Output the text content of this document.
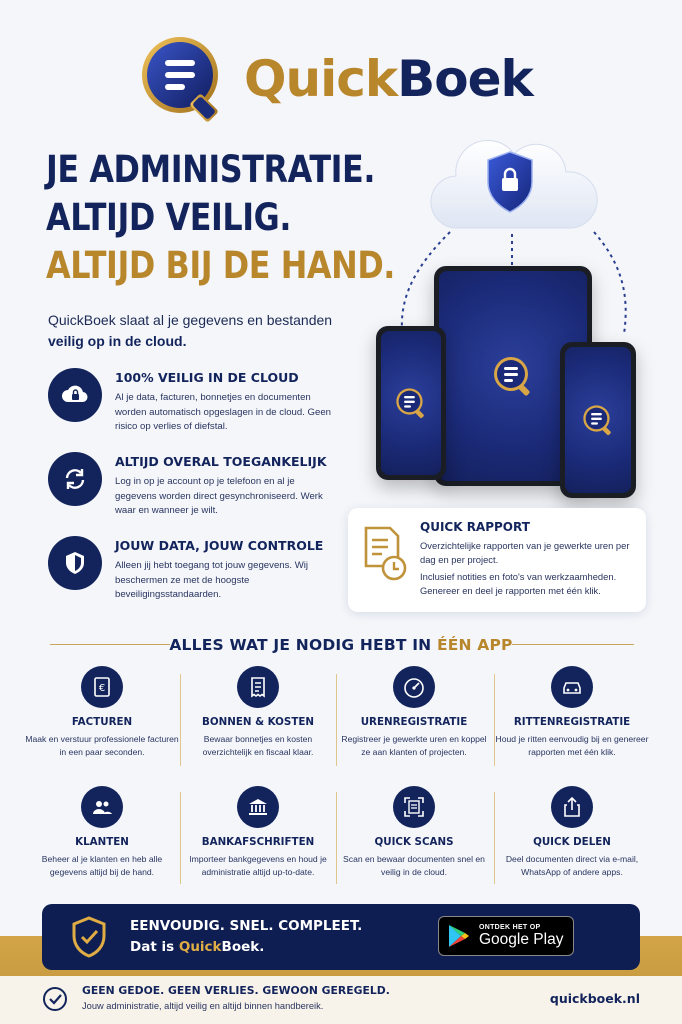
QuickBoek
JE ADMINISTRATIE.
ALTIJD VEILIG.
ALTIJD BIJ DE HAND.
QuickBoek slaat al je gegevens en bestanden
veilig op in de cloud.
100% VEILIG IN DE CLOUD
Al je data, facturen, bonnetjes en documenten worden automatisch opgeslagen in de cloud. Geen risico op verlies of diefstal.
ALTIJD OVERAL TOEGANKELIJK
Log in op je account op je telefoon en al je gegevens worden direct gesynchroniseerd. Werk waar en wanneer je wilt.
JOUW DATA, JOUW CONTROLE
Alleen jij hebt toegang tot jouw gegevens. Wij beschermen ze met de hoogste beveiligingsstandaarden.
QUICK RAPPORT
Overzichtelijke rapporten van je gewerkte uren per dag en per project.
Inclusief notities en foto's van werkzaamheden. Genereer en deel je rapporten met één klik.
ALLES WAT JE NODIG HEBT IN ÉÉN APP
€
FACTUREN
Maak en verstuur professionele facturen in een paar seconden.
BONNEN & KOSTEN
Bewaar bonnetjes en kosten overzichtelijk en fiscaal klaar.
URENREGISTRATIE
Registreer je gewerkte uren en koppel ze aan klanten of projecten.
RITTENREGISTRATIE
Houd je ritten eenvoudig bij en genereer rapporten met één klik.
KLANTEN
Beheer al je klanten en heb alle gegevens altijd bij de hand.
BANKAFSCHRIFTEN
Importeer bankgegevens en houd je administratie altijd up-to-date.
QUICK SCANS
Scan en bewaar documenten snel en veilig in de cloud.
QUICK DELEN
Deel documenten direct via e-mail, WhatsApp of andere apps.
EENVOUDIG. SNEL. COMPLEET.
Dat is QuickBoek.
ONTDEK HET OP
Google Play
GEEN GEDOE. GEEN VERLIES. GEWOON GEREGELD.
Jouw administratie, altijd veilig en altijd binnen handbereik.	quickboek.nl
